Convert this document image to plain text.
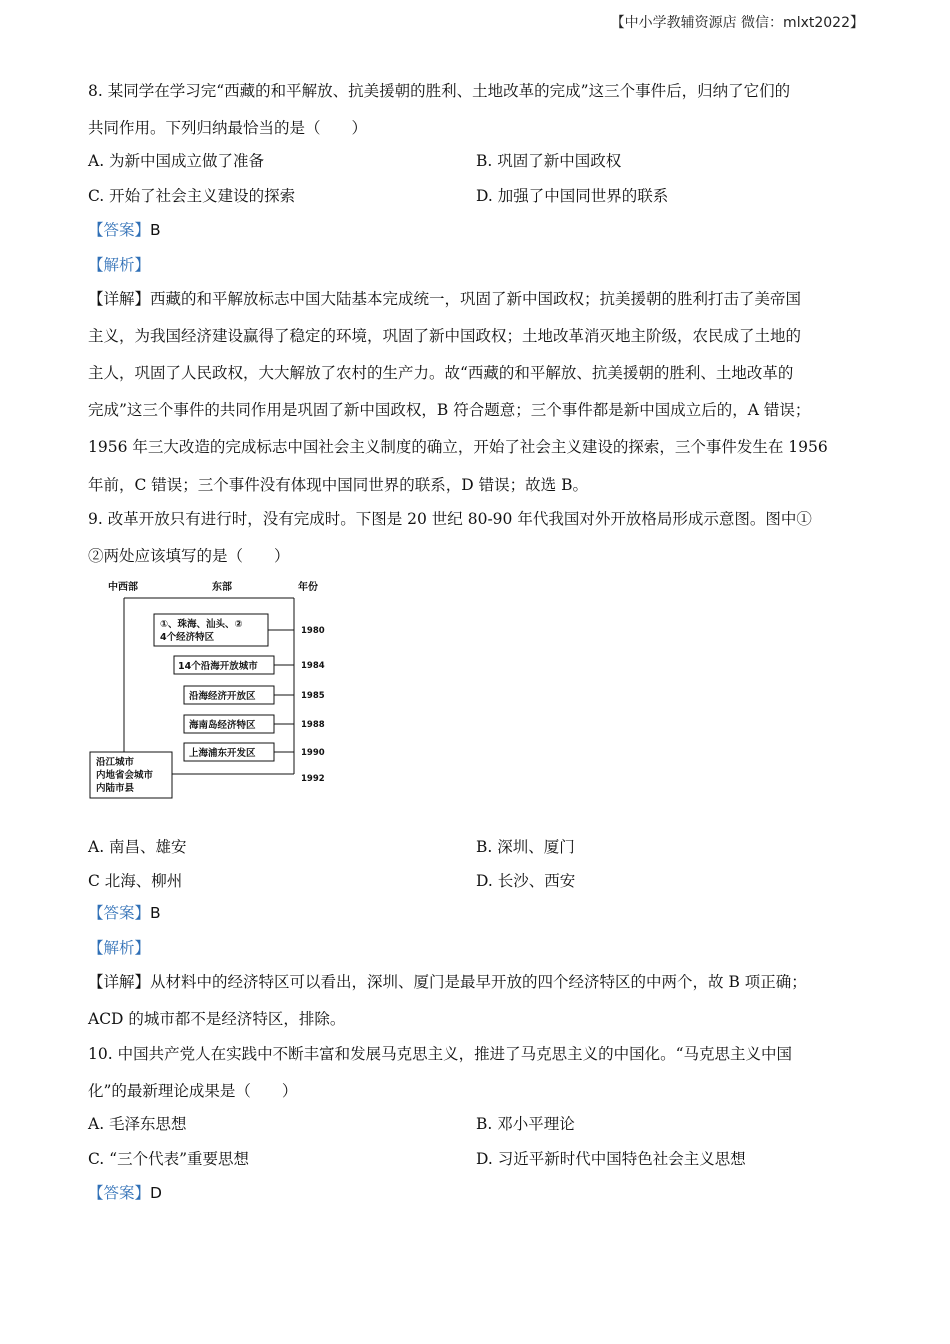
【中小学教辅资源店 微信：mlxt2022】
8. 某同学在学习完“西藏的和平解放、抗美援朝的胜利、土地改革的完成”这三个事件后，归纳了它们的
共同作用。下列归纳最恰当的是（　　）
A. 为新中国成立做了准备	B. 巩固了新中国政权
C. 开始了社会主义建设的探索	D. 加强了中国同世界的联系
【答案】B
【解析】
【详解】西藏的和平解放标志中国大陆基本完成统一，巩固了新中国政权；抗美援朝的胜利打击了美帝国
主义，为我国经济建设赢得了稳定的环境，巩固了新中国政权；土地改革消灭地主阶级，农民成了土地的
主人，巩固了人民政权，大大解放了农村的生产力。故“西藏的和平解放、抗美援朝的胜利、土地改革的
完成”这三个事件的共同作用是巩固了新中国政权，B 符合题意；三个事件都是新中国成立后的，A 错误；
1956 年三大改造的完成标志中国社会主义制度的确立，开始了社会主义建设的探索，三个事件发生在 1956
年前，C 错误；三个事件没有体现中国同世界的联系，D 错误；故选 B。
9. 改革开放只有进行时，没有完成时。下图是 20 世纪 80-90 年代我国对外开放格局形成示意图。图中①
②两处应该填写的是（　　）
中西部	东部	年份
①、珠海、汕头、②
4个经济特区
1980
14个沿海开放城市	1984
沿海经济开放区	1985
海南岛经济特区	1988
上海浦东开发区	1990
沿江城市
内地省会城市
内陆市县
1992
A. 南昌、雄安	B. 深圳、厦门
C 北海、柳州	D. 长沙、西安
【答案】B
【解析】
【详解】从材料中的经济特区可以看出，深圳、厦门是最早开放的四个经济特区的中两个，故 B 项正确；
ACD 的城市都不是经济特区，排除。
10. 中国共产党人在实践中不断丰富和发展马克思主义，推进了马克思主义的中国化。“马克思主义中国
化”的最新理论成果是（　　）
A. 毛泽东思想	B. 邓小平理论
C. “三个代表”重要思想	D. 习近平新时代中国特色社会主义思想
【答案】D
